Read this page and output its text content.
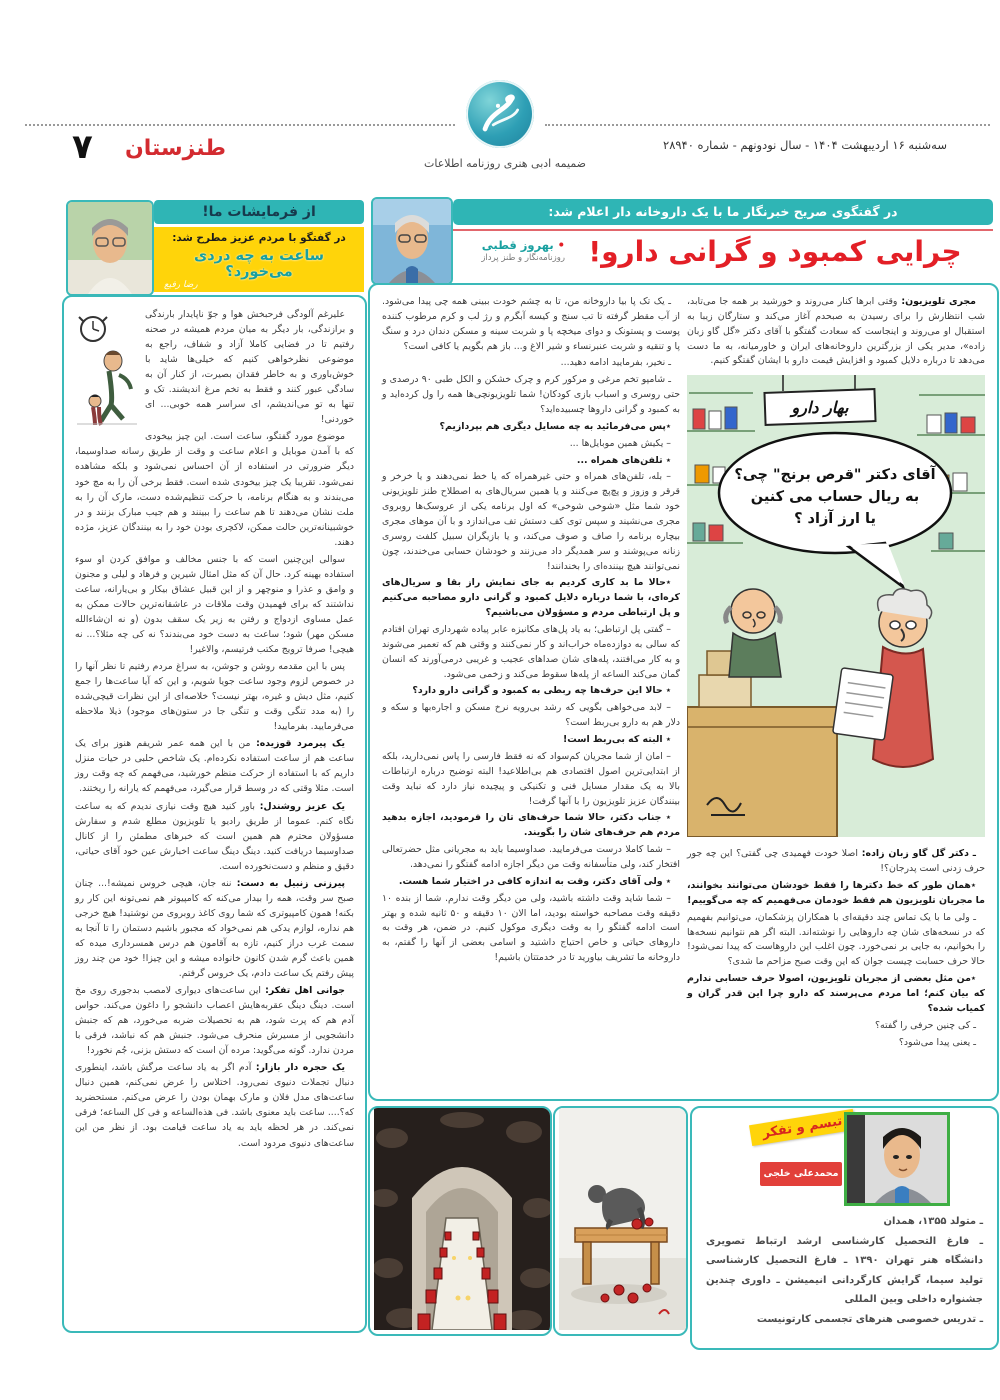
ضمیمه ادبی هنری روزنامه اطلاعات
سه‌شنبه ۱۶ اردیبهشت ۱۴۰۴ - سال نودونهم - شماره ۲۸۹۴۰
۷	طنزستان
از فرمایشات ما!
در گفتگو با مردم عزیز مطرح شد:
ساعت به چه دردی می‌خورد؟
رضا رفیع

علیرغم آلودگی فرحبخش هوا و جوّ ناپایدار بارندگی و برازندگی، بار دیگر به میان مردم همیشه در صحنه رفتیم تا در فضایی کاملا آزاد و شفاف، راجع به موضوعی نظرخواهی کنیم که خیلی‌ها شاید با خوش‌باوری و به خاطر فقدان بصیرت، از کنار آن به سادگی عبور کنند و فقط به تخم مرغ اندیشند. تک و تنها به تو می‌اندیشم، ای سراسر همه خوبی... ای خوردنی!

موضوع مورد گفتگو، ساعت است. این چیز بیخودی که با آمدن موبایل و اعلام ساعت و وقت از طریق رسانه صداوسیما، دیگر ضرورتی در استفاده از آن احساس نمی‌شود و بلکه مشاهده نمی‌شود. تقریبا یک چیز بیخودی شده است. فقط برخی آن را به مچ خود می‌بندند و به هنگام برنامه، با حرکت تنظیم‌شده دست، مارک آن را به ملت نشان می‌دهند تا هم ساعت را ببینند و هم جیب مبارک بزنند و در خوشبینانه‌ترین حالت ممکن، لاکچری بودن خود را به بینندگان عزیز، مژده دهند.

سوالی این‌چنین است که با جنس مخالف و موافق کردن او سوء استفاده بهینه کرد. حال آن که مثل امثال شیرین و فرهاد و لیلی و مجنون و وامق و عذرا و منوچهر و از این قبیل عشاق بیکار و بی‌یارانه، ساعت نداشتند که برای فهمیدن وقت ملاقات در عاشقانه‌ترین حالات ممکن به عمل مساوی ازدواج و رفتن به زیر یک سقف بدون (و نه ان‌شاءالله مسکن مهر) شود؛ ساعت به دست خود می‌بندند؟ نه کی چه مثلا؟... نه هیچی! صرفا ترویج مکتب فرتیسم، والاغیر!

پس با این مقدمه روشن و جوشن، به سراغ مردم رفتیم تا نظر آنها را در خصوص لزوم وجود ساعت جویا شویم، و این که آیا ساعت‌ها را جمع کنیم، مثل دیش و غیره، بهتر نیست؟ خلاصه‌ای از این نظرات قیچی‌شده را (به مدد تنگی وقت و تنگی جا در ستون‌های موجود) ذیلا ملاحظه می‌فرمایید. بفرمایید!

یک پیرمرد قوزیده: من با این همه عمر شریفم هنوز برای یک ساعت هم از ساعت استفاده نکرده‌ام. یک شاخص حلبی در حیات منزل داریم که با استفاده از حرکت منظم خورشید، می‌فهمم که چه وقت روز است. مثلا وقتی که در وسط قرار می‌گیرد، می‌فهمم که یارانه را ریختند.

یک عزیز روشندل: باور کنید هیچ وقت نیازی ندیدم که به ساعت نگاه کنم. عموما از طریق رادیو یا تلویزیون مطلع شدم و سفارش مسؤولان محترم هم همین است که خبرهای مطمئن را از کانال صداوسیما دریافت کنید. دینگ دینگ ساعت اخبارش عین خود آقای حیاتی، دقیق و منظم و دست‌نخورده است.

پیرزنی زنبیل به دست: ننه جان، هیچی خروس نمیشه!... چنان صبح سر وقت، همه را بیدار می‌کنه که کامپیوتر هم نمی‌تونه این کار رو بکنه! همون کامپیوتری که شما روی کاغذ روبروی من نوشتید! هیچ خرجی هم نداره، لوازم یدکی هم نمی‌خواد که مجبور باشیم دستمان را تا آنجا به سمت غرب دراز کنیم، تازه به آقامون هم درس همسرداری میده که همین باعث گرم شدن کانون خانواده میشه و این چیزا! خود من چند روز پیش رفتم یک ساعت دادم، یک خروس گرفتم.

جوانی اهل تفکر: این ساعت‌های دیواری لامصب بدجوری روی مخ است. دینگ دینگ عقربه‌هایش اعصاب دانشجو را داغون می‌کند. حواس آدم هم که پرت شود، هم به تحصیلات ضربه می‌خورد، هم که جنبش دانشجویی از مسیرش منحرف می‌شود. جنبش هم که نباشد، فرقی با مردن ندارد. گوته می‌گوید: مرده آن است که دستش بزنی، جُم نخورد!

یک حجره دار بازار: آدم اگر به یاد ساعت مرگش باشد، اینطوری دنبال تجملات دنیوی نمی‌رود. اختلاس را عرض نمی‌کنم، همین دنبال ساعت‌های مدل فلان و مارک بهمان بودن را عرض می‌کنم. مستحضرید که؟.... ساعت باید معنوی باشد. فی هذه‌الساعه و فی کل الساعه؛ فرقی نمی‌کند. در هر لحظه باید به یاد ساعت قیامت بود. از نظر من این ساعت‌های دنیوی مردود است.

در گفتگوی صریح خبرنگار ما با یک داروخانه دار اعلام شد:
• بهروز قطبی
روزنامه‌نگار و طنز پرداز چرایی کمبود و گرانی دارو!

مجری تلویزیون: وقتی ابرها کنار می‌روند و خورشید بر همه جا می‌تابد، شب انتظارش را برای رسیدن به صبحدم آغاز می‌کند و ستارگان زیبا به استقبال او می‌روند و اینجاست که سعادت گفتگو با آقای دکتر «گل گاو زبان زاده»، مدیر یکی از بزرگترین داروخانه‌های ایران و خاورمیانه، به ما دست می‌دهد تا درباره دلایل کمبود و افزایش قیمت دارو با ایشان گفتگو کنیم.

بهار دارو
آقای دکتر "قرص برنج" چی؟
به ریال حساب می کنین
یا ارز آزاد ؟

ـ دکتر گل گاو زبان زاده: اصلا خودت فهمیدی چی گفتی؟ این چه جور حرف زدنی است پدرجان؟!

٭همان طور که خط دکترها را فقط خودشان می‌توانند بخوانند، ما مجریان تلویزیون هم فقط خودمان می‌فهمیم که چه می‌گوییم!

ـ ولی ما با یک تماس چند دقیقه‌ای با همکاران پزشکمان، می‌توانیم بفهمیم که در نسخه‌های شان چه داروهایی را نوشته‌اند. البته اگر هم نتوانیم نسخه‌ها را بخوانیم، به جایی بر نمی‌خورد. چون اغلب این داروهاست که پیدا نمی‌شود! حالا حرف حسابت چیست جوان که این وقت صبح مزاحم ما شدی؟

٭من مثل بعضی از مجریان تلویزیون، اصولا حرف حسابی ندارم که بیان کنم؛ اما مردم می‌پرسند که دارو چرا این قدر گران و کمیاب شده؟

ـ کی چنین حرفی را گفته؟

ـ یعنی پیدا می‌شود؟

ـ یک تک پا بیا داروخانه من، تا به چشم خودت ببینی همه چی پیدا می‌شود. از آب مقطر گرفته تا تب سنج و کیسه آبگرم و رژ لب و کرم مرطوب کننده پوست و پستونک و دوای میخچه پا و شربت سینه و مسکن دندان درد و سنگ پا و تنقیه و شربت عنبرنساء و شیر الاغ و... باز هم بگویم یا کافی است؟

ـ نخیر، بفرمایید ادامه دهید...

ـ شامپو تخم مرغی و مرکور کرم و چرک خشکن و الکل طبی ۹۰ درصدی و حتی روسری و اسباب بازی کودکان! شما تلویزیونچی‌ها همه را ول کرده‌اید و به کمبود و گرانی داروها چسبیده‌اید؟

٭پس می‌فرمائید به چه مسایل دیگری هم بپردازیم؟

– یکیش همین موبایل‌ها ...

٭ تلفن‌های همراه ...

– بله، تلفن‌های همراه و حتی غیرهمراه که یا خط نمی‌دهند و یا خرخر و قرقر و وزوز و پچ‌پچ می‌کنند و یا همین سریال‌های به اصطلاح طنز تلویزیونی خود شما مثل «شوخی شوخی» که اول برنامه یکی از عروسک‌ها روبروی مجری می‌نشیند و سپس توی کف دستش تف می‌اندازد و با آن موهای مجری بیچاره برنامه را صاف و صوف می‌کند، و یا بازیگران سبیل کلفت روسری زنانه می‌پوشند و سر همدیگر داد می‌زنند و خودشان حسابی می‌خندند، چون نمی‌توانند هیچ بیننده‌ای را بخندانند!

٭حالا ما بد کاری کردیم به جای نمایش راز بقا و سریال‌های کره‌ای، با شما درباره دلایل کمبود و گرانی دارو مصاحبه می‌کنیم و پل ارتباطی مردم و مسؤولان می‌باشیم؟

– گفتی پل ارتباطی؛ به یاد پل‌های مکانیزه عابر پیاده شهرداری تهران افتادم که سالی به دوازده‌ماه خراب‌اند و کار نمی‌کنند و وقتی هم که تعمیر می‌شوند و به کار می‌افتند، پله‌های شان صداهای عجیب و غریبی درمی‌آورند که انسان گمان می‌کند الساعه از پله‌ها سقوط می‌کند و زخمی می‌شود.

٭ حالا این حرف‌ها چه ربطی به کمبود و گرانی دارو دارد؟

– لابد می‌خواهی بگویی که رشد بی‌رویه نرخ مسکن و اجاره‌بها و سکه و دلار هم به دارو بی‌ربط است؟

٭ البته که بی‌ربط است!

– امان از شما مجریان کم‌سواد که نه فقط فارسی را پاس نمی‌دارید، بلکه از ابتدایی‌ترین اصول اقتصادی هم بی‌اطلاعید! البته توضیح درباره ارتباطات بالا به یک مقدار مسایل فنی و تکنیکی و پیچیده نیاز دارد که نباید وقت بینندگان عزیز تلویزیون را با آنها گرفت!

٭ جناب دکتر، حالا شما حرف‌های تان را فرمودید، اجازه بدهید مردم هم حرف‌های شان را بگویند.

– شما کاملا درست می‌فرمایید. صداوسیما باید به مجریانی مثل حضرتعالی افتخار کند، ولی متأسفانه وقت من دیگر اجازه ادامه گفتگو را نمی‌دهد.

٭ ولی آقای دکتر، وقت به اندازه کافی در اختیار شما هست.

– شما شاید وقت داشته باشید، ولی من دیگر وقت ندارم. شما از بنده ۱۰ دقیقه وقت مصاحبه خواسته بودید، اما الان ۱۰ دقیقه و ۵۰ ثانیه شده و بهتر است ادامه گفتگو را به وقت دیگری موکول کنیم. در ضمن، هر وقت به داروهای حیاتی و خاص احتیاج داشتید و اسامی بعضی از آنها را گفتم، به داروخانه ما تشریف بیاورید تا در خدمتتان باشیم!

تبسم و تفکر
محمدعلی خلجی

ـ متولد ۱۳۵۵، همدان

ـ فارغ التحصیل کارشناسی ارشد ارتباط تصویری دانشگاه هنر تهران ۱۳۹۰ ـ فارغ التحصیل کارشناسی تولید سیما، گرایش کارگردانی انیمیشن ـ داوری چندین جشنواره داخلی وبین المللی

ـ تدریس خصوصی هنرهای تجسمی کارتونیست
